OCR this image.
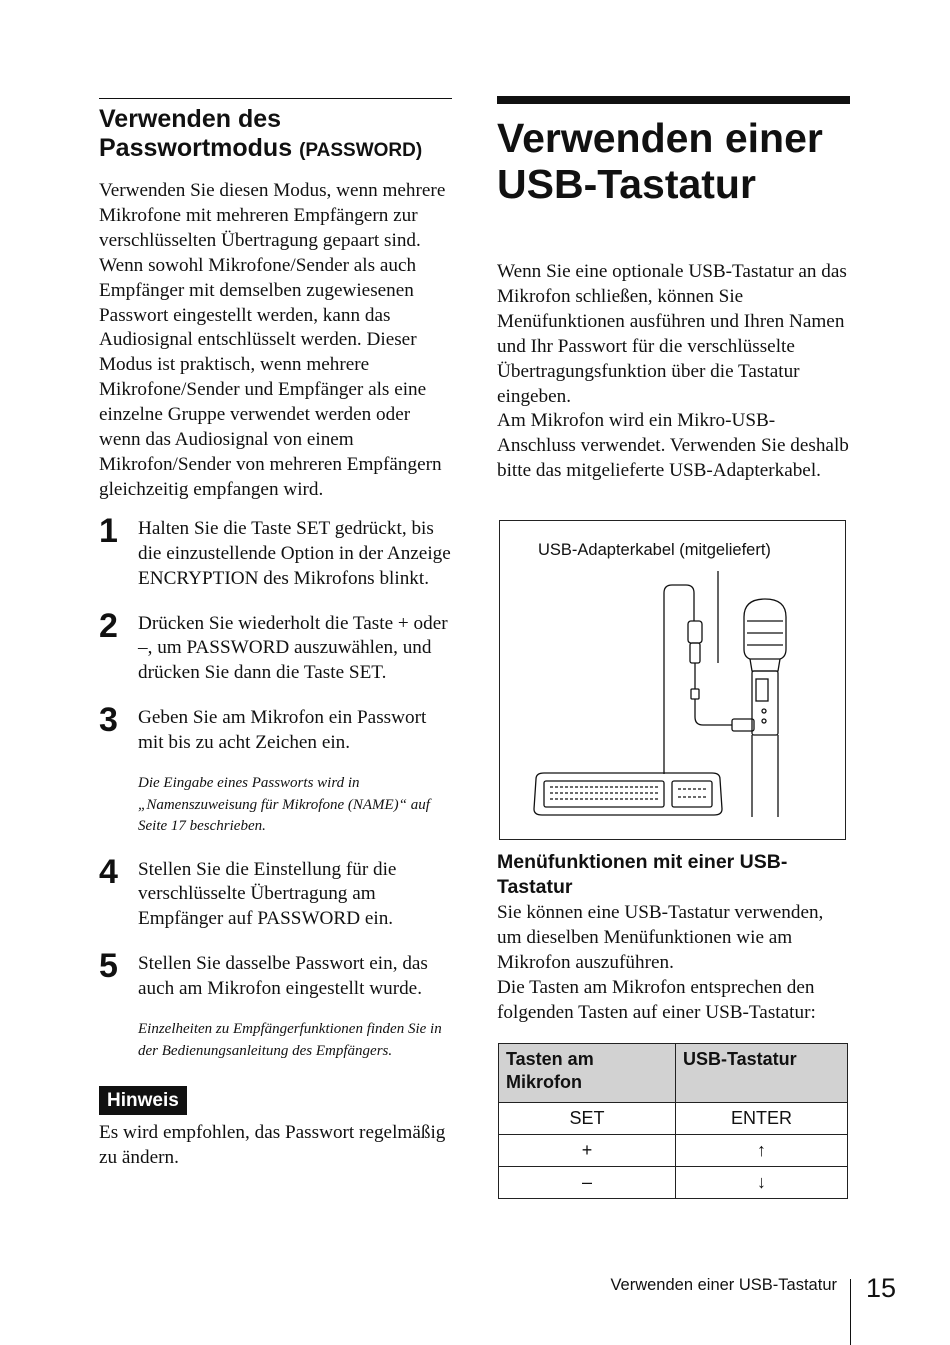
Verwenden des Passwortmodus (PASSWORD)

Verwenden Sie diesen Modus, wenn mehrere Mikrofone mit mehreren Empfängern zur verschlüsselten Übertragung gepaart sind.

Wenn sowohl Mikrofone/Sender als auch Empfänger mit demselben zugewiesenen Passwort eingestellt werden, kann das Audiosignal entschlüsselt werden. Dieser Modus ist praktisch, wenn mehrere Mikrofone/Sender und Empfänger als eine einzelne Gruppe verwendet werden oder wenn das Audiosignal von einem Mikrofon/Sender von mehreren Empfängern gleichzeitig empfangen wird.

1 Halten Sie die Taste SET gedrückt, bis die einzustellende Option in der Anzeige ENCRYPTION des Mikrofons blinkt.

2 Drücken Sie wiederholt die Taste + oder –, um PASSWORD auszuwählen, und drücken Sie dann die Taste SET.

3 Geben Sie am Mikrofon ein Passwort mit bis zu acht Zeichen ein.

Die Eingabe eines Passworts wird in „Namenszuweisung für Mikrofone (NAME)“ auf Seite 17 beschrieben.

4 Stellen Sie die Einstellung für die verschlüsselte Übertragung am Empfänger auf PASSWORD ein.

5 Stellen Sie dasselbe Passwort ein, das auch am Mikrofon eingestellt wurde.

Einzelheiten zu Empfängerfunktionen finden Sie in der Bedienungsanleitung des Empfängers.

Hinweis

Es wird empfohlen, das Passwort regelmäßig zu ändern.

Verwenden einer USB-Tastatur

Wenn Sie eine optionale USB-Tastatur an das Mikrofon schließen, können Sie Menüfunktionen ausführen und Ihren Namen und Ihr Passwort für die verschlüsselte Übertragungsfunktion über die Tastatur eingeben.

Am Mikrofon wird ein Mikro-USB-Anschluss verwendet. Verwenden Sie deshalb bitte das mitgelieferte USB-Adapterkabel.

USB-Adapterkabel (mitgeliefert)
Menüfunktionen mit einer USB-Tastatur

Sie können eine USB-Tastatur verwenden, um dieselben Menüfunktionen wie am Mikrofon auszuführen.

Die Tasten am Mikrofon entsprechen den folgenden Tasten auf einer USB-Tastatur:

Tasten am Mikrofon	USB-Tastatur
SET	ENTER
+	↑
–	↓
Verwenden einer USB-Tastatur 15
